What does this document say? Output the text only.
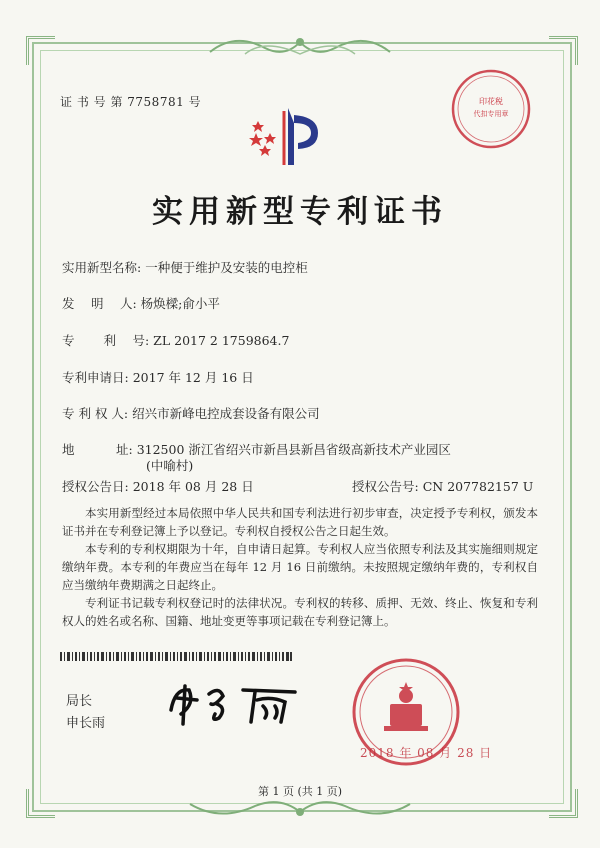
证 书 号 第 7758781 号	印花税
代扣专用章
实用新型专利证书
实用新型名称: 一种便于维护及安装的电控柜
发　 明　 人: 杨焕樑;俞小平
专　　 利　 号: ZL 2017 2 1759864.7
专利申请日: 2017 年 12 月 16 日
专 利 权 人: 绍兴市新峰电控成套设备有限公司
地　　　 址: 312500 浙江省绍兴市新昌县新昌省级高新技术产业园区
(中喻村)
授权公告日: 2018 年 08 月 28 日	授权公告号: CN 207782157 U
本实用新型经过本局依照中华人民共和国专利法进行初步审查，决定授予专利权，颁发本证书并在专利登记簿上予以登记。专利权自授权公告之日起生效。
本专利的专利权期限为十年，自申请日起算。专利权人应当依照专利法及其实施细则规定缴纳年费。本专利的年费应当在每年 12 月 16 日前缴纳。未按照规定缴纳年费的，专利权自应当缴纳年费期满之日起终止。
专利证书记载专利权登记时的法律状况。专利权的转移、质押、无效、终止、恢复和专利权人的姓名或名称、国籍、地址变更等事项记载在专利登记簿上。
局长
申长雨
2018 年 08 月 28 日
第 1 页 (共 1 页)
